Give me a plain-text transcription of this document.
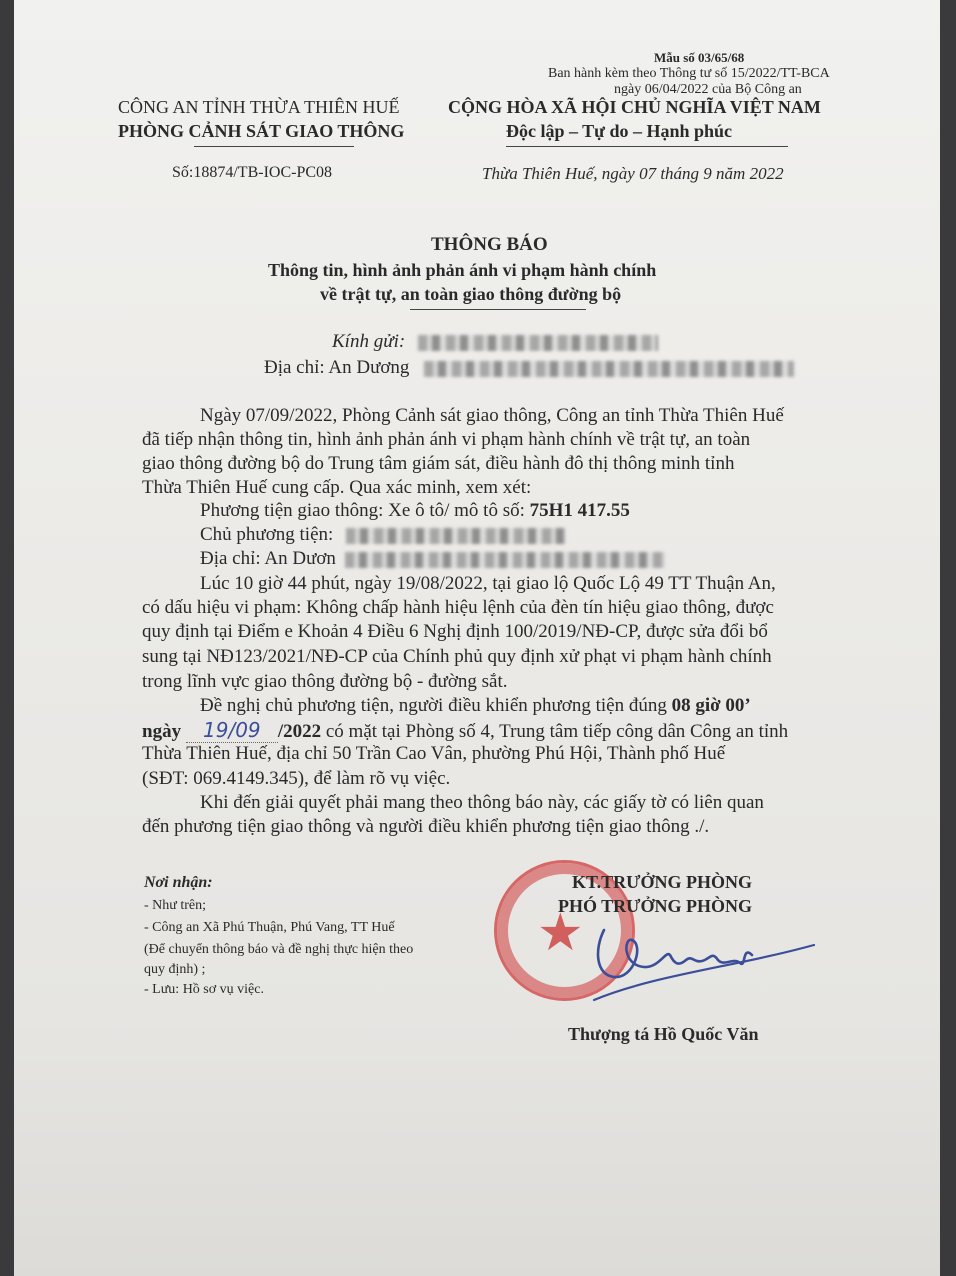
Mẫu số 03/65/68
Ban hành kèm theo Thông tư số 15/2022/TT-BCA
ngày 06/04/2022 của Bộ Công an
CÔNG AN TỈNH THỪA THIÊN HUẾ
PHÒNG CẢNH SÁT GIAO THÔNG
Số:18874/TB-IOC-PC08
CỘNG HÒA XÃ HỘI CHỦ NGHĨA VIỆT NAM
Độc lập – Tự do – Hạnh phúc
Thừa Thiên Huế, ngày 07 tháng 9 năm 2022
THÔNG BÁO
Thông tin, hình ảnh phản ánh vi phạm hành chính
về trật tự, an toàn giao thông đường bộ
Kính gửi:
Địa chỉ: An Dương
Ngày 07/09/2022, Phòng Cảnh sát giao thông, Công an tỉnh Thừa Thiên Huế
đã tiếp nhận thông tin, hình ảnh phản ánh vi phạm hành chính về trật tự, an toàn
giao thông đường bộ do Trung tâm giám sát, điều hành đô thị thông minh tỉnh
Thừa Thiên Huế cung cấp. Qua xác minh, xem xét:
Phương tiện giao thông: Xe ô tô/ mô tô số: 75H1 417.55
Chủ phương tiện:
Địa chỉ: An Dươn
Lúc 10 giờ 44 phút, ngày 19/08/2022, tại giao lộ Quốc Lộ 49 TT Thuận An,
có dấu hiệu vi phạm: Không chấp hành hiệu lệnh của đèn tín hiệu giao thông, được
quy định tại Điểm e Khoản 4 Điều 6 Nghị định 100/2019/NĐ-CP, được sửa đổi bổ
sung tại NĐ123/2021/NĐ-CP của Chính phủ quy định xử phạt vi phạm hành chính
trong lĩnh vực giao thông đường bộ - đường sắt.
Đề nghị chủ phương tiện, người điều khiển phương tiện đúng 08 giờ 00’
ngày 19/09 /2022 có mặt tại Phòng số 4, Trung tâm tiếp công dân Công an tỉnh
Thừa Thiên Huế, địa chỉ 50 Trần Cao Vân, phường Phú Hội, Thành phố Huế
(SĐT: 069.4149.345), để làm rõ vụ việc.
Khi đến giải quyết phải mang theo thông báo này, các giấy tờ có liên quan
đến phương tiện giao thông và người điều khiển phương tiện giao thông ./.
Nơi nhận:
- Như trên;
- Công an Xã Phú Thuận, Phú Vang, TT Huế
(Để chuyển thông báo và đề nghị thực hiện theo
quy định) ;
- Lưu: Hồ sơ vụ việc.
★
KT.TRƯỞNG PHÒNG
PHÓ TRƯỞNG PHÒNG
Thượng tá Hồ Quốc Văn
